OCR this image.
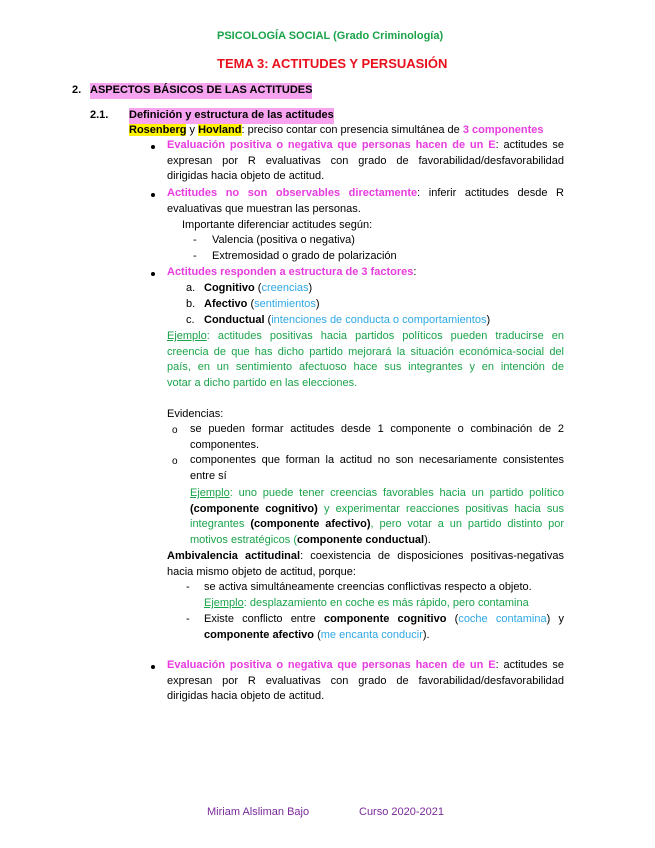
PSICOLOGÍA SOCIAL (Grado Criminología)
TEMA 3: ACTITUDES Y PERSUASIÓN
2. ASPECTOS BÁSICOS DE LAS ACTITUDES
2.1. Definición y estructura de las actitudes
Rosenberg y Hovland: preciso contar con presencia simultánea de 3 componentes
Evaluación positiva o negativa que personas hacen de un E: actitudes se
expresan por R evaluativas con grado de favorabilidad/desfavorabilidad
dirigidas hacia objeto de actitud.
Actitudes no son observables directamente: inferir actitudes desde R
evaluativas que muestran las personas.
Importante diferenciar actitudes según:
- Valencia (positiva o negativa)
- Extremosidad o grado de polarización
Actitudes responden a estructura de 3 factores:
a. Cognitivo (creencias)
b. Afectivo (sentimientos)
c. Conductual (intenciones de conducta o comportamientos)
Ejemplo: actitudes positivas hacia partidos políticos pueden traducirse en
creencia de que has dicho partido mejorará la situación económica-social del
país, en un sentimiento afectuoso hace sus integrantes y en intención de
votar a dicho partido en las elecciones.
Evidencias:
o se pueden formar actitudes desde 1 componente o combinación de 2
componentes.
o componentes que forman la actitud no son necesariamente consistentes
entre sí
Ejemplo: uno puede tener creencias favorables hacia un partido político
(componente cognitivo) y experimentar reacciones positivas hacia sus
integrantes (componente afectivo), pero votar a un partido distinto por
motivos estratégicos (componente conductual).
Ambivalencia actitudinal: coexistencia de disposiciones positivas-negativas
hacia mismo objeto de actitud, porque:
- se activa simultáneamente creencias conflictivas respecto a objeto.
Ejemplo: desplazamiento en coche es más rápido, pero contamina
- Existe conflicto entre componente cognitivo (coche contamina) y
componente afectivo (me encanta conducir).
Evaluación positiva o negativa que personas hacen de un E: actitudes se
expresan por R evaluativas con grado de favorabilidad/desfavorabilidad
dirigidas hacia objeto de actitud.
Miriam Alsliman Bajo	Curso 2020-2021
